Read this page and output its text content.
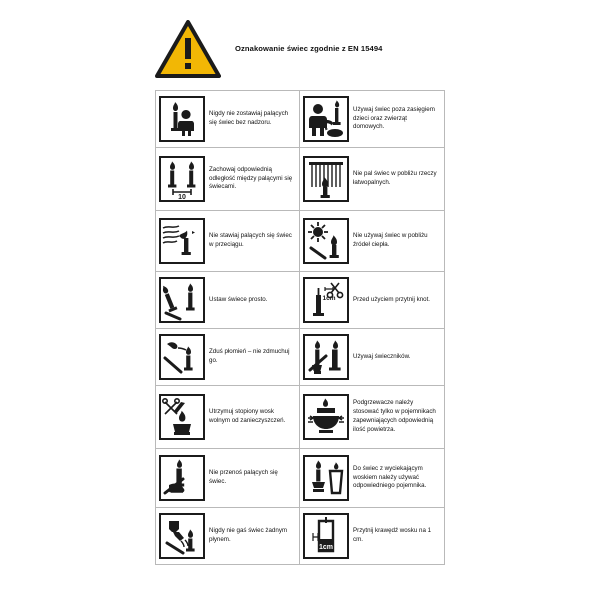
Oznakowanie świec zgodnie z EN 15494
Nigdy nie zostawiaj palących się świec bez nadzoru.
Używaj świec poza zasięgiem dzieci oraz zwierząt domowych.
10
Zachowaj odpowiednią odległość między palącymi się świecami.
Nie pal świec w pobliżu rzeczy łatwopalnych.
Nie stawiaj palących się świec w przeciągu.
Nie używaj świec w pobliżu źródeł ciepła.
Ustaw świece prosto.	1cm	Przed użyciem przytnij knot.
Zduś płomień – nie zdmuchuj go.
Używaj świeczników.
Utrzymuj stopiony wosk wolnym od zanieczyszczeń.
Podgrzewacze należy stosować tylko w pojemnikach zapewniających odpowiednią ilość powietrza.
Nie przenoś palących się świec.
Do świec z wyciekającym woskiem należy używać odpowiedniego pojemnika.
Nigdy nie gaś świec żadnym płynem.
1cm
Przytnij krawędź wosku na 1 cm.
